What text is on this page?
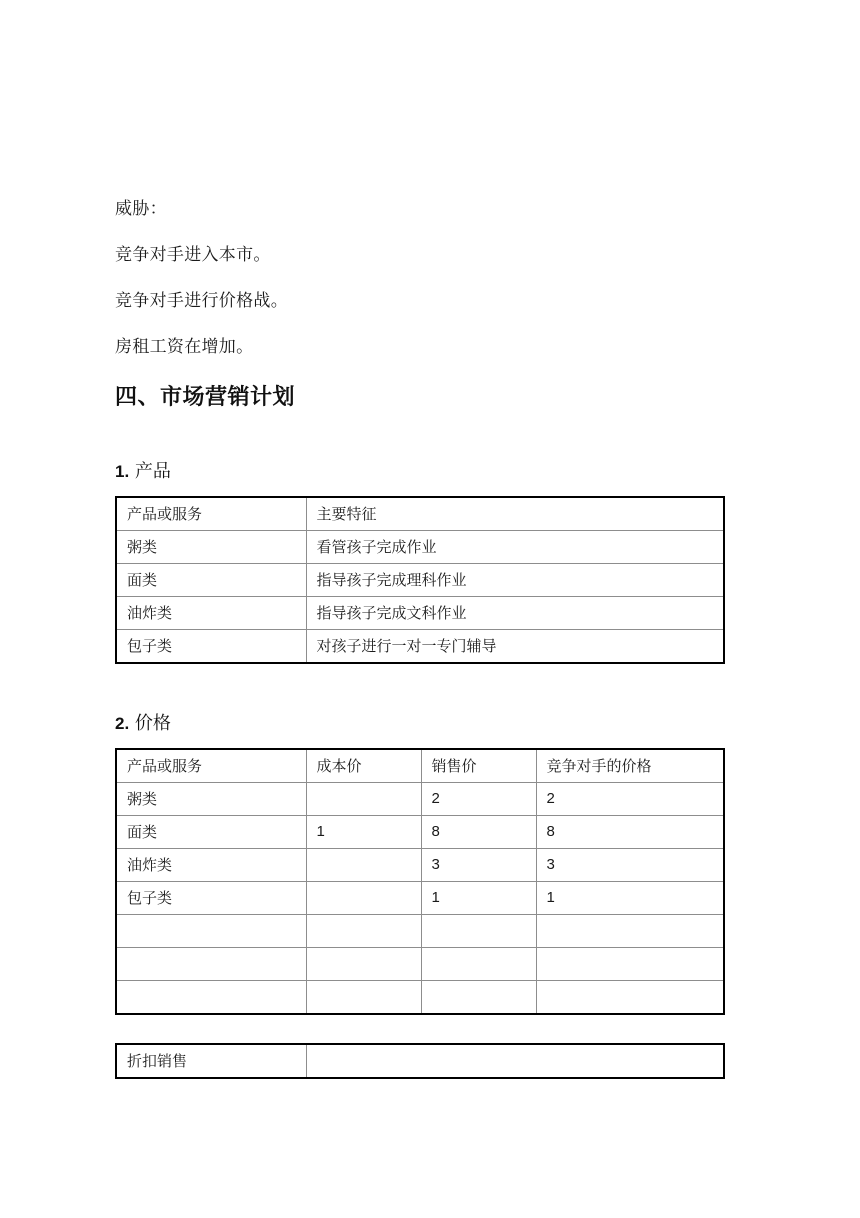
威胁：

竞争对手进入本市。

竞争对手进行价格战。

房租工资在增加。

四、市场营销计划
1. 产品
产品或服务	主要特征
粥类	看管孩子完成作业
面类	指导孩子完成理科作业
油炸类	指导孩子完成文科作业
包子类	对孩子进行一对一专门辅导
2. 价格
产品或服务	成本价	销售价	竞争对手的价格
粥类		2	2
面类	1	8	8
油炸类		3	3
包子类		1	1

折扣销售	
